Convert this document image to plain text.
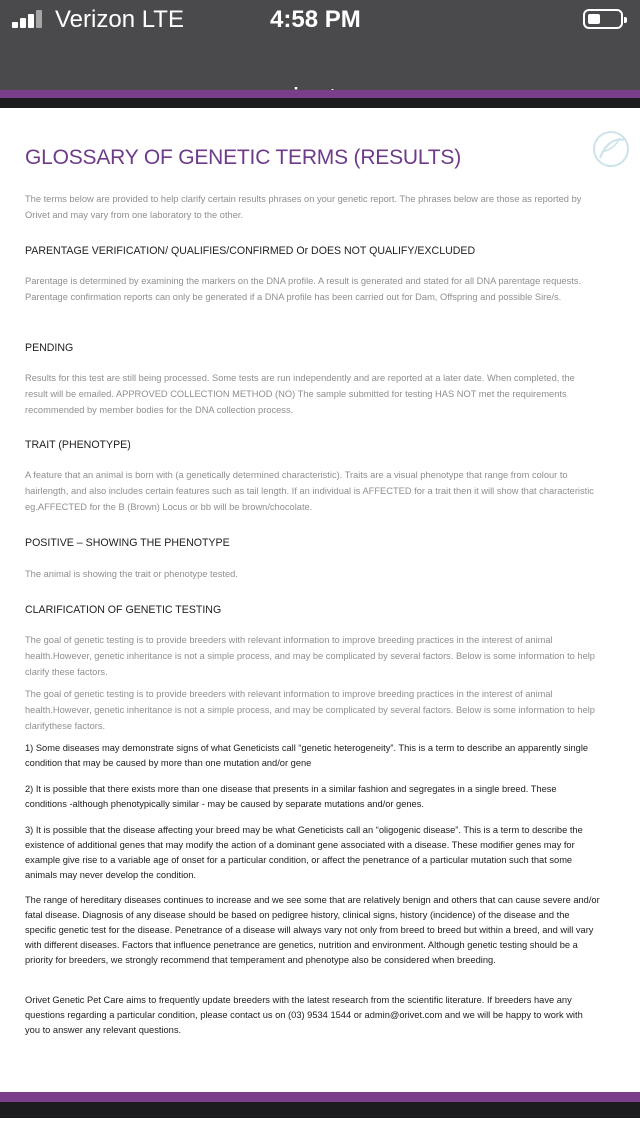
Verizon LTE	4:58 PM
GLOSSARY OF GENETIC TERMS (RESULTS)

The terms below are provided to help clarify certain results phrases on your genetic report. The phrases below are those as reported by Orivet and may vary from one laboratory to the other.

PARENTAGE VERIFICATION/ QUALIFIES/CONFIRMED Or DOES NOT QUALIFY/EXCLUDED

Parentage is determined by examining the markers on the DNA profile. A result is generated and stated for all DNA parentage requests. Parentage confirmation reports can only be generated if a DNA profile has been carried out for Dam, Offspring and possible Sire/s.

PENDING

Results for this test are still being processed. Some tests are run independently and are reported at a later date. When completed, the result will be emailed. APPROVED COLLECTION METHOD (NO) The sample submitted for testing HAS NOT met the requirements recommended by member bodies for the DNA collection process.

TRAIT (PHENOTYPE)

A feature that an animal is born with (a genetically determined characteristic). Traits are a visual phenotype that range from colour to hairlength, and also includes certain features such as tail length. If an individual is AFFECTED for a trait then it will show that characteristic eg.AFFECTED for the B (Brown) Locus or bb will be brown/chocolate.

POSITIVE – SHOWING THE PHENOTYPE

The animal is showing the trait or phenotype tested.

CLARIFICATION OF GENETIC TESTING

The goal of genetic testing is to provide breeders with relevant information to improve breeding practices in the interest of animal health.However, genetic inheritance is not a simple process, and may be complicated by several factors. Below is some information to help clarify these factors.

The goal of genetic testing is to provide breeders with relevant information to improve breeding practices in the interest of animal health.However, genetic inheritance is not a simple process, and may be complicated by several factors. Below is some information to help clarifythese factors.

1) Some diseases may demonstrate signs of what Geneticists call “genetic heterogeneity”. This is a term to describe an apparently single condition that may be caused by more than one mutation and/or gene

2) It is possible that there exists more than one disease that presents in a similar fashion and segregates in a single breed. These conditions -although phenotypically similar - may be caused by separate mutations and/or genes.

3) It is possible that the disease affecting your breed may be what Geneticists call an “oligogenic disease”. This is a term to describe the existence of additional genes that may modify the action of a dominant gene associated with a disease. These modifier genes may for example give rise to a variable age of onset for a particular condition, or affect the penetrance of a particular mutation such that some animals may never develop the condition.

The range of hereditary diseases continues to increase and we see some that are relatively benign and others that can cause severe and/or fatal disease. Diagnosis of any disease should be based on pedigree history, clinical signs, history (incidence) of the disease and the specific genetic test for the disease. Penetrance of a disease will always vary not only from breed to breed but within a breed, and will vary with different diseases. Factors that influence penetrance are genetics, nutrition and environment. Although genetic testing should be a priority for breeders, we strongly recommend that temperament and phenotype also be considered when breeding.

Orivet Genetic Pet Care aims to frequently update breeders with the latest research from the scientific literature. If breeders have any questions regarding a particular condition, please contact us on (03) 9534 1544 or admin@orivet.com and we will be happy to work with you to answer any relevant questions.
